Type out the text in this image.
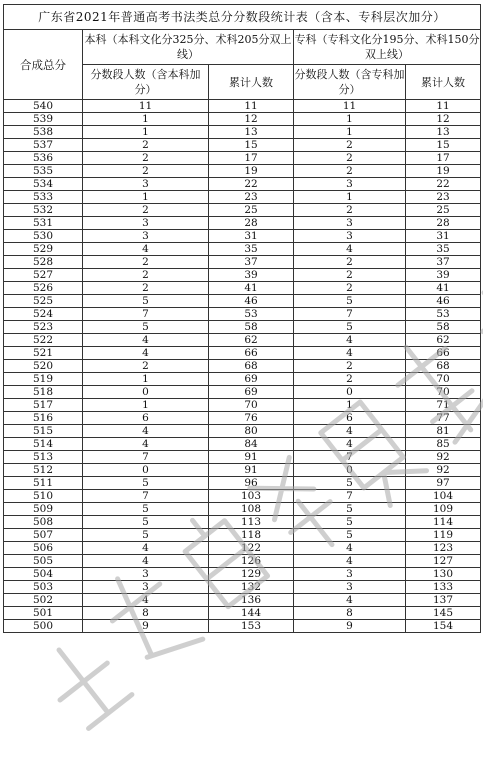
广东省2021年普通高考书法类总分分数段统计表（含本、专科层次加分）				
合成总分	本科（本科文化分325分、术科205分双上线）		专科（专科文化分195分、术科150分双上线）	
	分数段人数（含本科加分）	累计人数	分数段人数（含专科加分）	累计人数
540	11	11	11	11
539	1	12	1	12
538	1	13	1	13
537	2	15	2	15
536	2	17	2	17
535	2	19	2	19
534	3	22	3	22
533	1	23	1	23
532	2	25	2	25
531	3	28	3	28
530	3	31	3	31
529	4	35	4	35
528	2	37	2	37
527	2	39	2	39
526	2	41	2	41
525	5	46	5	46
524	7	53	7	53
523	5	58	5	58
522	4	62	4	62
521	4	66	4	66
520	2	68	2	68
519	1	69	2	70
518	0	69	0	70
517	1	70	1	71
516	6	76	6	77
515	4	80	4	81
514	4	84	4	85
513	7	91	7	92
512	0	91	0	92
511	5	96	5	97
510	7	103	7	104
509	5	108	5	109
508	5	113	5	114
507	5	118	5	119
506	4	122	4	123
505	4	126	4	127
504	3	129	3	130
503	3	132	3	133
502	4	136	4	137
501	8	144	8	145
500	9	153	9	154
